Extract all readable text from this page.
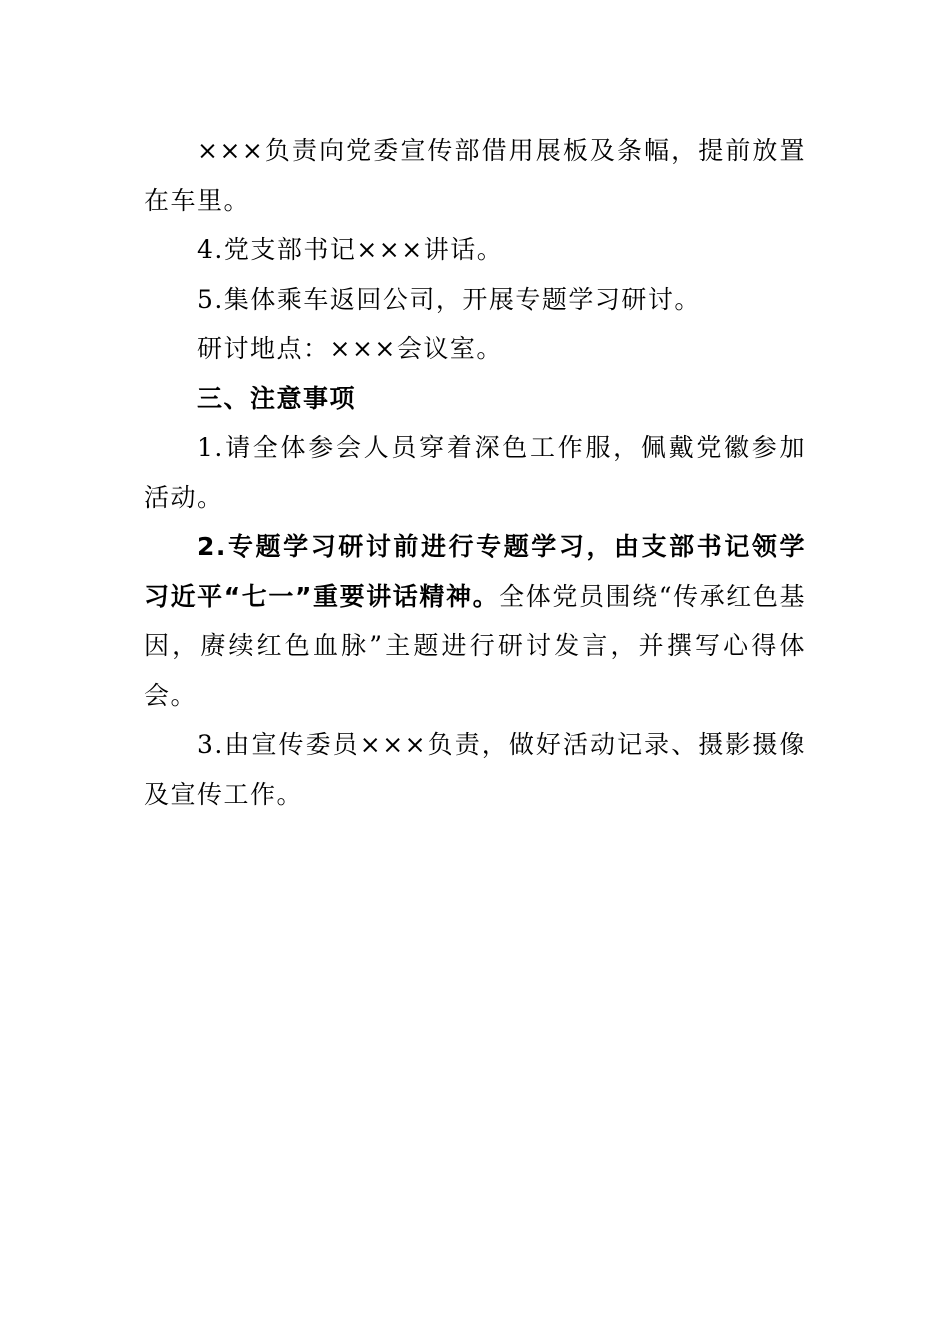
×××负责向党委宣传部借用展板及条幅，提前放置在车里。

4.党支部书记×××讲话。

5.集体乘车返回公司，开展专题学习研讨。

研讨地点：×××会议室。

三、注意事项

1.请全体参会人员穿着深色工作服，佩戴党徽参加活动。

2.专题学习研讨前进行专题学习，由支部书记领学习近平“七一”重要讲话精神。全体党员围绕“传承红色基因，赓续红色血脉”主题进行研讨发言，并撰写心得体会。

3.由宣传委员×××负责，做好活动记录、摄影摄像及宣传工作。
